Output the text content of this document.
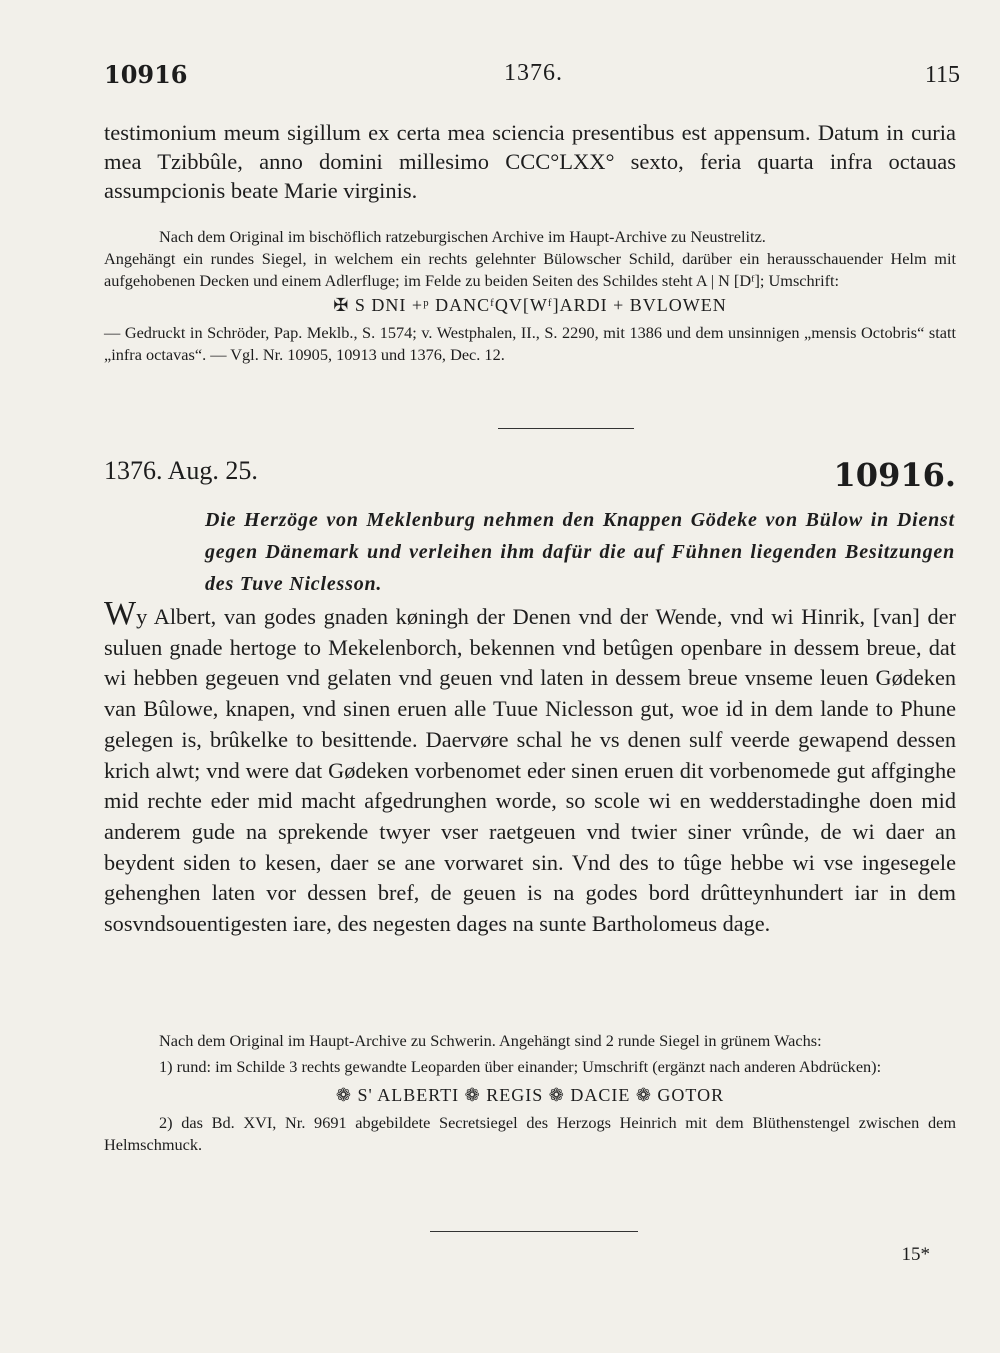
10916	1376.	115

testimonium meum sigillum ex certa mea sciencia presentibus est appensum. Datum in curia mea Tzibbûle, anno domini millesimo CCC°LXX° sexto, feria quarta infra octauas assumpcionis beate Marie virginis.

Nach dem Original im bischöflich ratzeburgischen Archive im Haupt-Archive zu Neustrelitz.

Angehängt ein rundes Siegel, in welchem ein rechts gelehnter Bülowscher Schild, darüber ein herausschauender Helm mit aufgehobenen Decken und einem Adlerfluge; im Felde zu beiden Seiten des Schildes steht A | N [Dᶠ]; Umschrift:

✠ S DNI +ᵖ DANCᶠQV[Wᶠ]ARDI + BVLOWEN

— Gedruckt in Schröder, Pap. Meklb., S. 1574; v. Westphalen, II., S. 2290, mit 1386 und dem unsinnigen „mensis Octobris“ statt „infra octavas“. — Vgl. Nr. 10905, 10913 und 1376, Dec. 12.

1376. Aug. 25.	10916.
Die Herzöge von Meklenburg nehmen den Knappen Gödeke von Bülow in Dienst gegen Dänemark und verleihen ihm dafür die auf Fühnen liegenden Besitzungen des Tuve Niclesson.

Wy Albert, van godes gnaden køningh der Denen vnd der Wende, vnd wi Hinrik, [van] der suluen gnade hertoge to Mekelenborch, bekennen vnd betûgen openbare in dessem breue, dat wi hebben gegeuen vnd gelaten vnd geuen vnd laten in dessem breue vnseme leuen Gødeken van Bûlowe, knapen, vnd sinen eruen alle Tuue Niclesson gut, woe id in dem lande to Phune gelegen is, brûkelke to besittende. Daervøre schal he vs denen sulf veerde gewapend dessen krich alwt; vnd were dat Gødeken vorbenomet eder sinen eruen dit vorbenomede gut affginghe mid rechte eder mid macht afgedrunghen worde, so scole wi en wedderstadinghe doen mid anderem gude na sprekende twyer vser raetgeuen vnd twier siner vrûnde, de wi daer an beydent siden to kesen, daer se ane vorwaret sin. Vnd des to tûge hebbe wi vse ingesegele gehenghen laten vor dessen bref, de geuen is na godes bord drûtteynhundert iar in dem sosvndsouentigesten iare, des negesten dages na sunte Bartholomeus dage.

Nach dem Original im Haupt-Archive zu Schwerin. Angehängt sind 2 runde Siegel in grünem Wachs:

1) rund: im Schilde 3 rechts gewandte Leoparden über einander; Umschrift (ergänzt nach anderen Abdrücken):

❁ S' ALBERTI ❁ REGIS ❁ DACIE ❁ GOTOR

2) das Bd. XVI, Nr. 9691 abgebildete Secretsiegel des Herzogs Heinrich mit dem Blüthenstengel zwischen dem Helmschmuck.

15*
